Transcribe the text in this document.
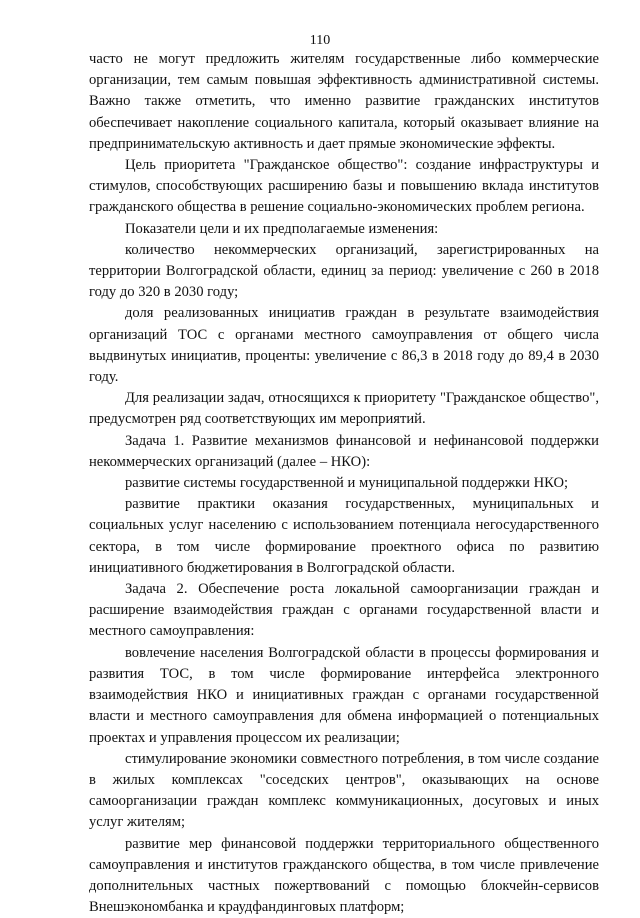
110

часто не могут предложить жителям государственные либо коммерческие организации, тем самым повышая эффективность административной системы. Важно также отметить, что именно развитие гражданских институтов обеспечивает накопление социального капитала, который оказывает влияние на предпринимательскую активность и дает прямые экономические эффекты.

Цель приоритета "Гражданское общество": создание инфраструктуры и стимулов, способствующих расширению базы и повышению вклада институтов гражданского общества в решение социально-экономических проблем региона.

Показатели цели и их предполагаемые изменения:

количество некоммерческих организаций, зарегистрированных на территории Волгоградской области, единиц за период: увеличение с 260 в 2018 году до 320 в 2030 году;

доля реализованных инициатив граждан в результате взаимодействия организаций ТОС с органами местного самоуправления от общего числа выдвинутых инициатив, проценты: увеличение с 86,3 в 2018 году до 89,4 в 2030 году.

Для реализации задач, относящихся к приоритету "Гражданское общество", предусмотрен ряд соответствующих им мероприятий.

Задача 1. Развитие механизмов финансовой и нефинансовой поддержки некоммерческих организаций (далее – НКО):

развитие системы государственной и муниципальной поддержки НКО;

развитие практики оказания государственных, муниципальных и социальных услуг населению с использованием потенциала негосударственного сектора, в том числе формирование проектного офиса по развитию инициативного бюджетирования в Волгоградской области.

Задача 2. Обеспечение роста локальной самоорганизации граждан и расширение взаимодействия граждан с органами государственной власти и местного самоуправления:

вовлечение населения Волгоградской области в процессы формирования и развития ТОС, в том числе формирование интерфейса электронного взаимодействия НКО и инициативных граждан с органами государственной власти и местного самоуправления для обмена информацией о потенциальных проектах и управления процессом их реализации;

стимулирование экономики совместного потребления, в том числе создание в жилых комплексах "соседских центров", оказывающих на основе самоорганизации граждан комплекс коммуникационных, досуговых и иных услуг жителям;

развитие мер финансовой поддержки территориального общественного самоуправления и институтов гражданского общества, в том числе привлечение дополнительных частных пожертвований с помощью блокчейн-сервисов Внешэкономбанка и краудфандинговых платформ;
